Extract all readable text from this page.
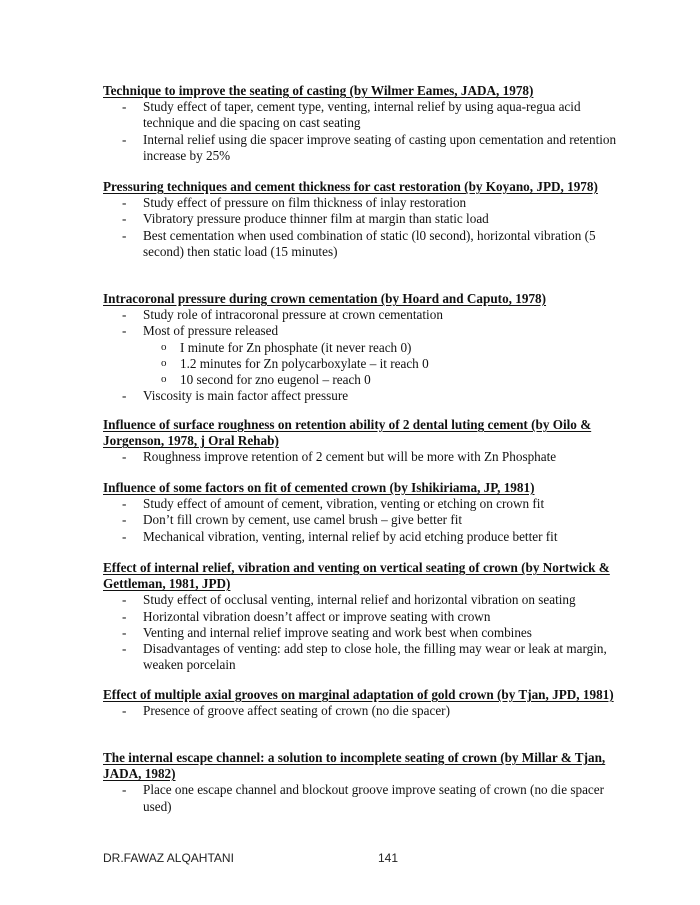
Technique to improve the seating of casting (by Wilmer Eames, JADA, 1978)
- Study effect of taper, cement type, venting, internal relief by using aqua-regua acid technique and die spacing on cast seating
- Internal relief using die spacer improve seating of casting upon cementation and retention increase by 25%
Pressuring techniques and cement thickness for cast restoration (by Koyano, JPD, 1978)
- Study effect of pressure on film thickness of inlay restoration
- Vibratory pressure produce thinner film at margin than static load
- Best cementation when used combination of static (l0 second), horizontal vibration (5 second) then static load (15 minutes)
Intracoronal pressure during crown cementation (by Hoard and Caputo, 1978)
- Study role of intracoronal pressure at crown cementation
- Most of pressure released
o I minute for Zn phosphate (it never reach 0)
o 1.2 minutes for Zn polycarboxylate – it reach 0
o 10 second for zno eugenol – reach 0
- Viscosity is main factor affect pressure
Influence of surface roughness on retention ability of 2 dental luting cement (by Oilo & Jorgenson, 1978, j Oral Rehab)
- Roughness improve retention of 2 cement but will be more with Zn Phosphate
Influence of some factors on fit of cemented crown (by Ishikiriama, JP, 1981)
- Study effect of amount of cement, vibration, venting or etching on crown fit
- Don’t fill crown by cement, use camel brush – give better fit
- Mechanical vibration, venting, internal relief by acid etching produce better fit
Effect of internal relief, vibration and venting on vertical seating of crown (by Nortwick & Gettleman, 1981, JPD)
- Study effect of occlusal venting, internal relief and horizontal vibration on seating
- Horizontal vibration doesn’t affect or improve seating with crown
- Venting and internal relief improve seating and work best when combines
- Disadvantages of venting: add step to close hole, the filling may wear or leak at margin, weaken porcelain
Effect of multiple axial grooves on marginal adaptation of gold crown (by Tjan, JPD, 1981)
- Presence of groove affect seating of crown (no die spacer)
The internal escape channel: a solution to incomplete seating of crown (by Millar & Tjan, JADA, 1982)
- Place one escape channel and blockout groove improve seating of crown (no die spacer used)
DR.FAWAZ ALQAHTANI	141
